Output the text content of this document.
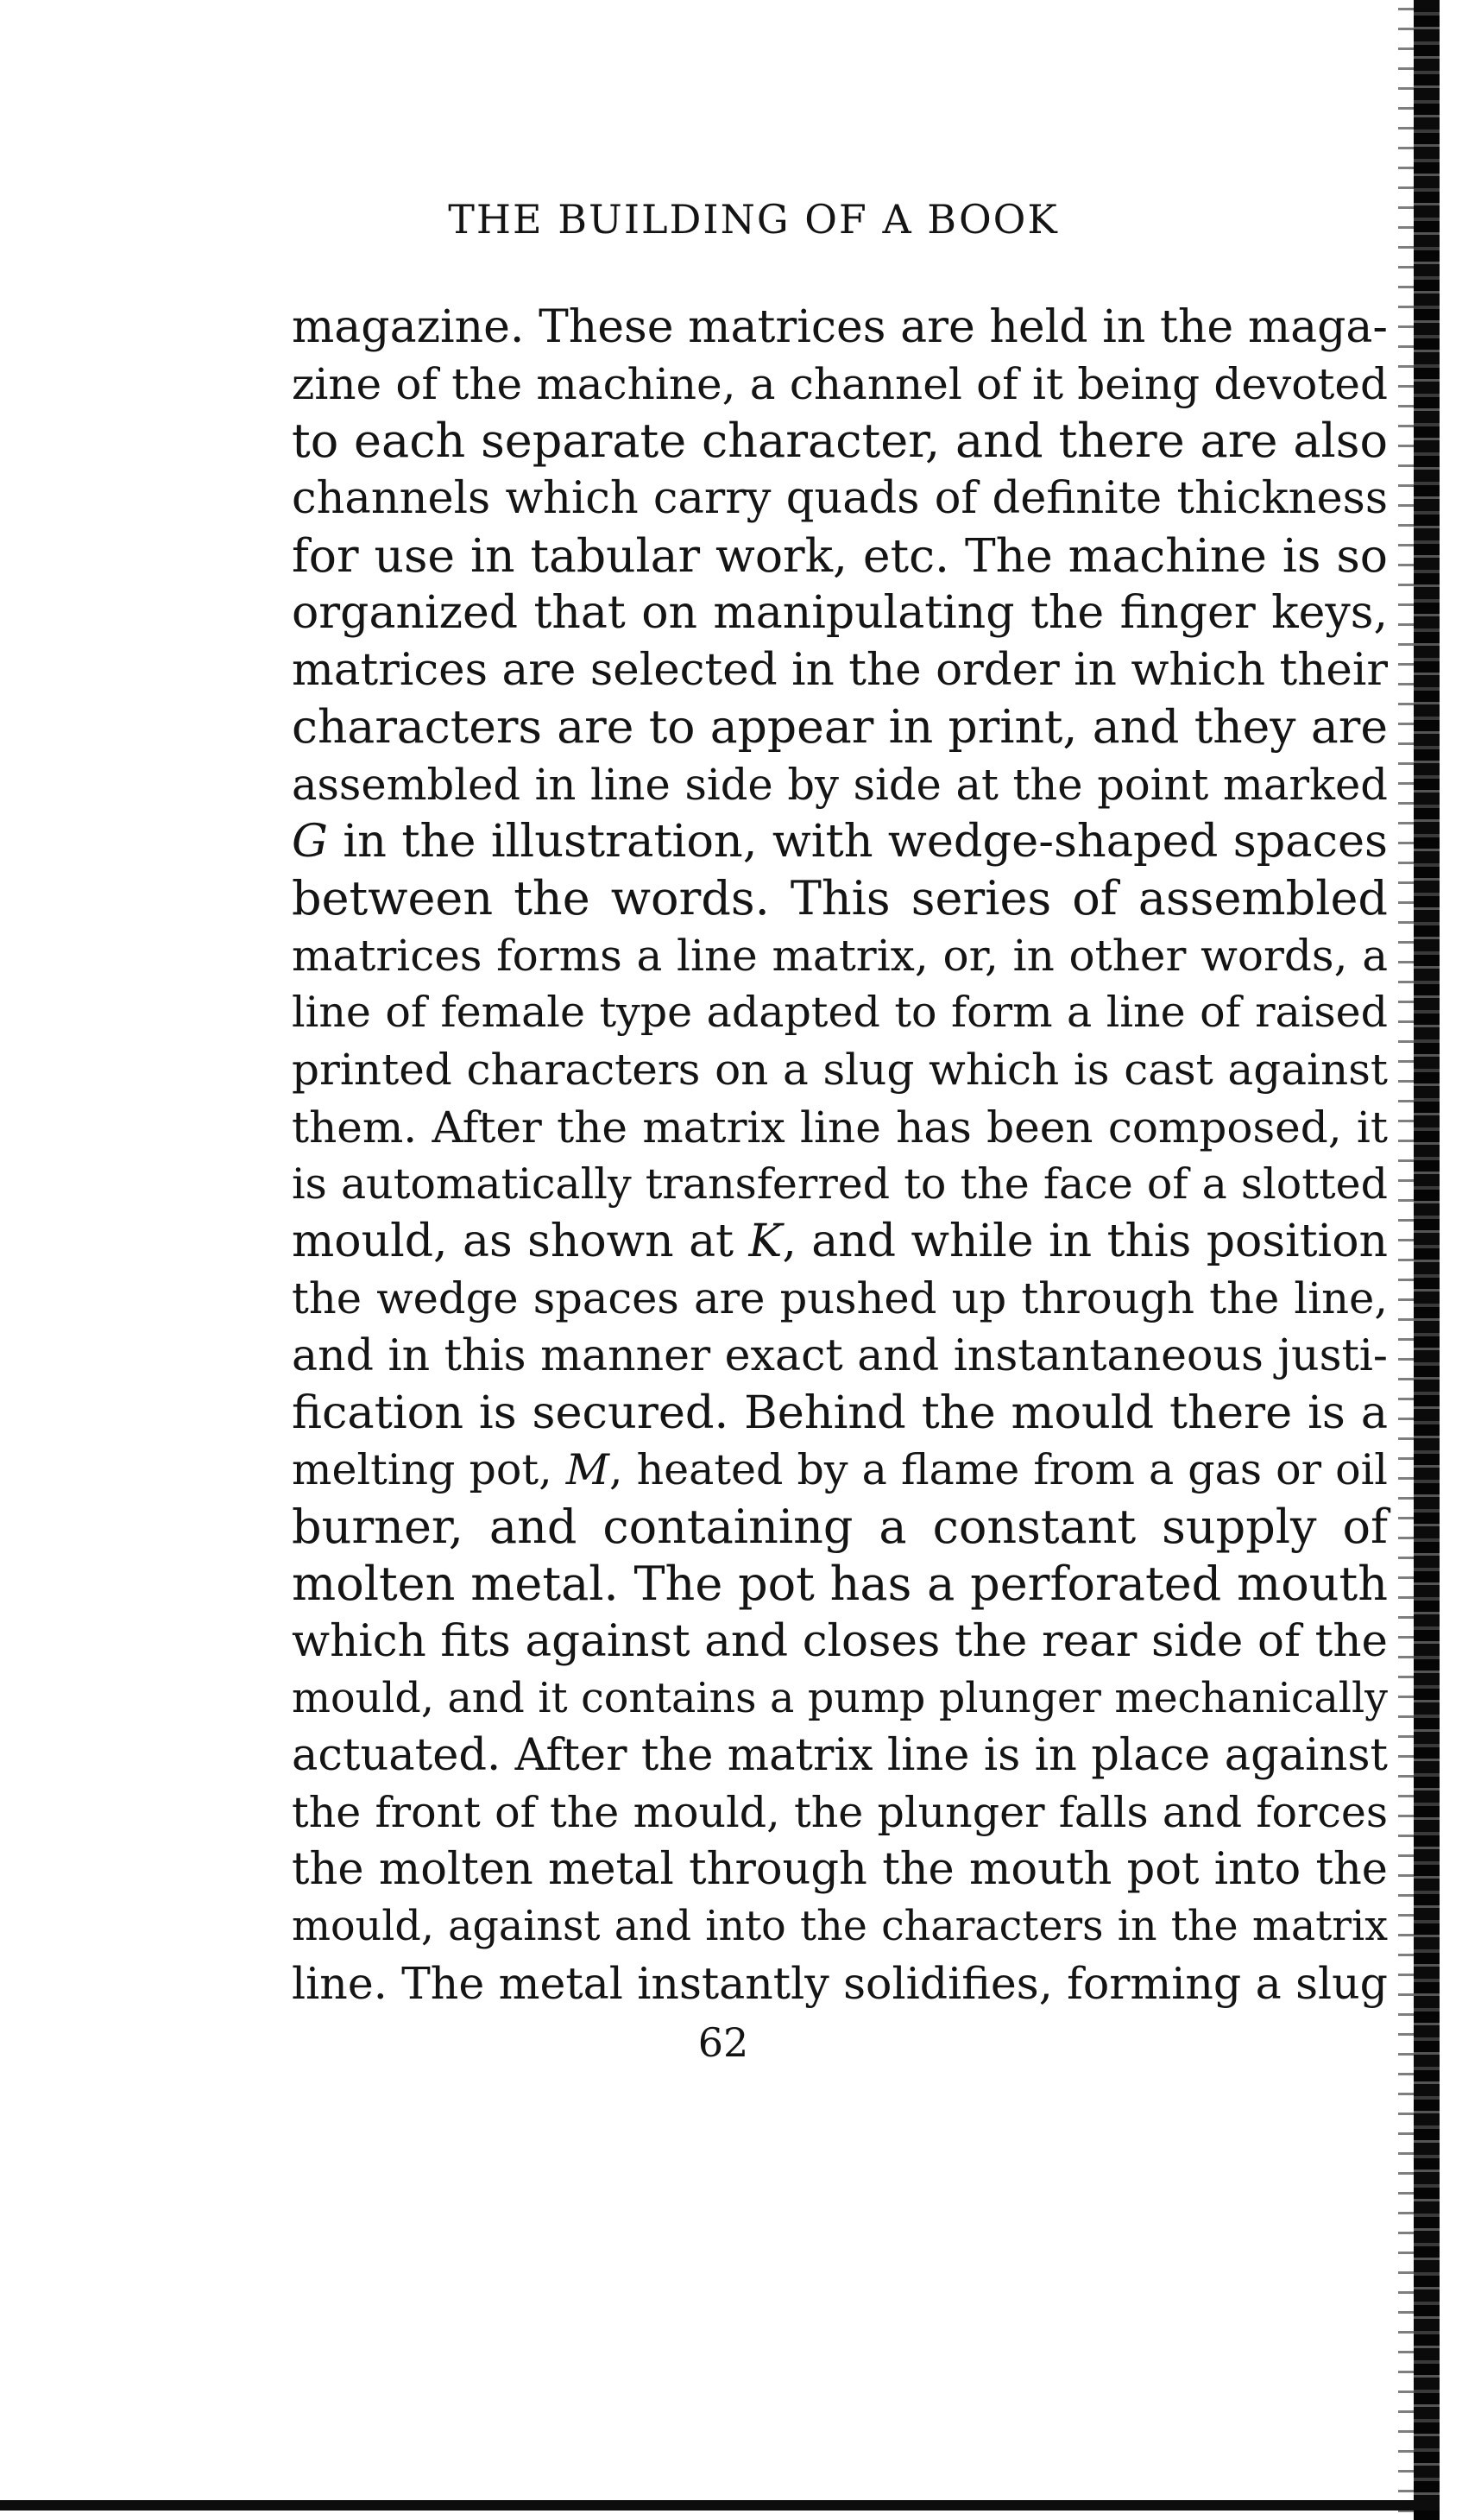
THE BUILDING OF A BOOK
magazine. These matrices are held in the maga-
zine of the machine, a channel of it being devoted
to each separate character, and there are also
channels which carry quads of definite thickness
for use in tabular work, etc. The machine is so
organized that on manipulating the finger keys,
matrices are selected in the order in which their
characters are to appear in print, and they are
assembled in line side by side at the point marked
G in the illustration, with wedge-shaped spaces
between the words. This series of assembled
matrices forms a line matrix, or, in other words, a
line of female type adapted to form a line of raised
printed characters on a slug which is cast against
them. After the matrix line has been composed, it
is automatically transferred to the face of a slotted
mould, as shown at K, and while in this position
the wedge spaces are pushed up through the line,
and in this manner exact and instantaneous justi-
fication is secured. Behind the mould there is a
melting pot, M, heated by a flame from a gas or oil
burner, and containing a constant supply of
molten metal. The pot has a perforated mouth
which fits against and closes the rear side of the
mould, and it contains a pump plunger mechanically
actuated. After the matrix line is in place against
the front of the mould, the plunger falls and forces
the molten metal through the mouth pot into the
mould, against and into the characters in the matrix
line. The metal instantly solidifies, forming a slug
62
